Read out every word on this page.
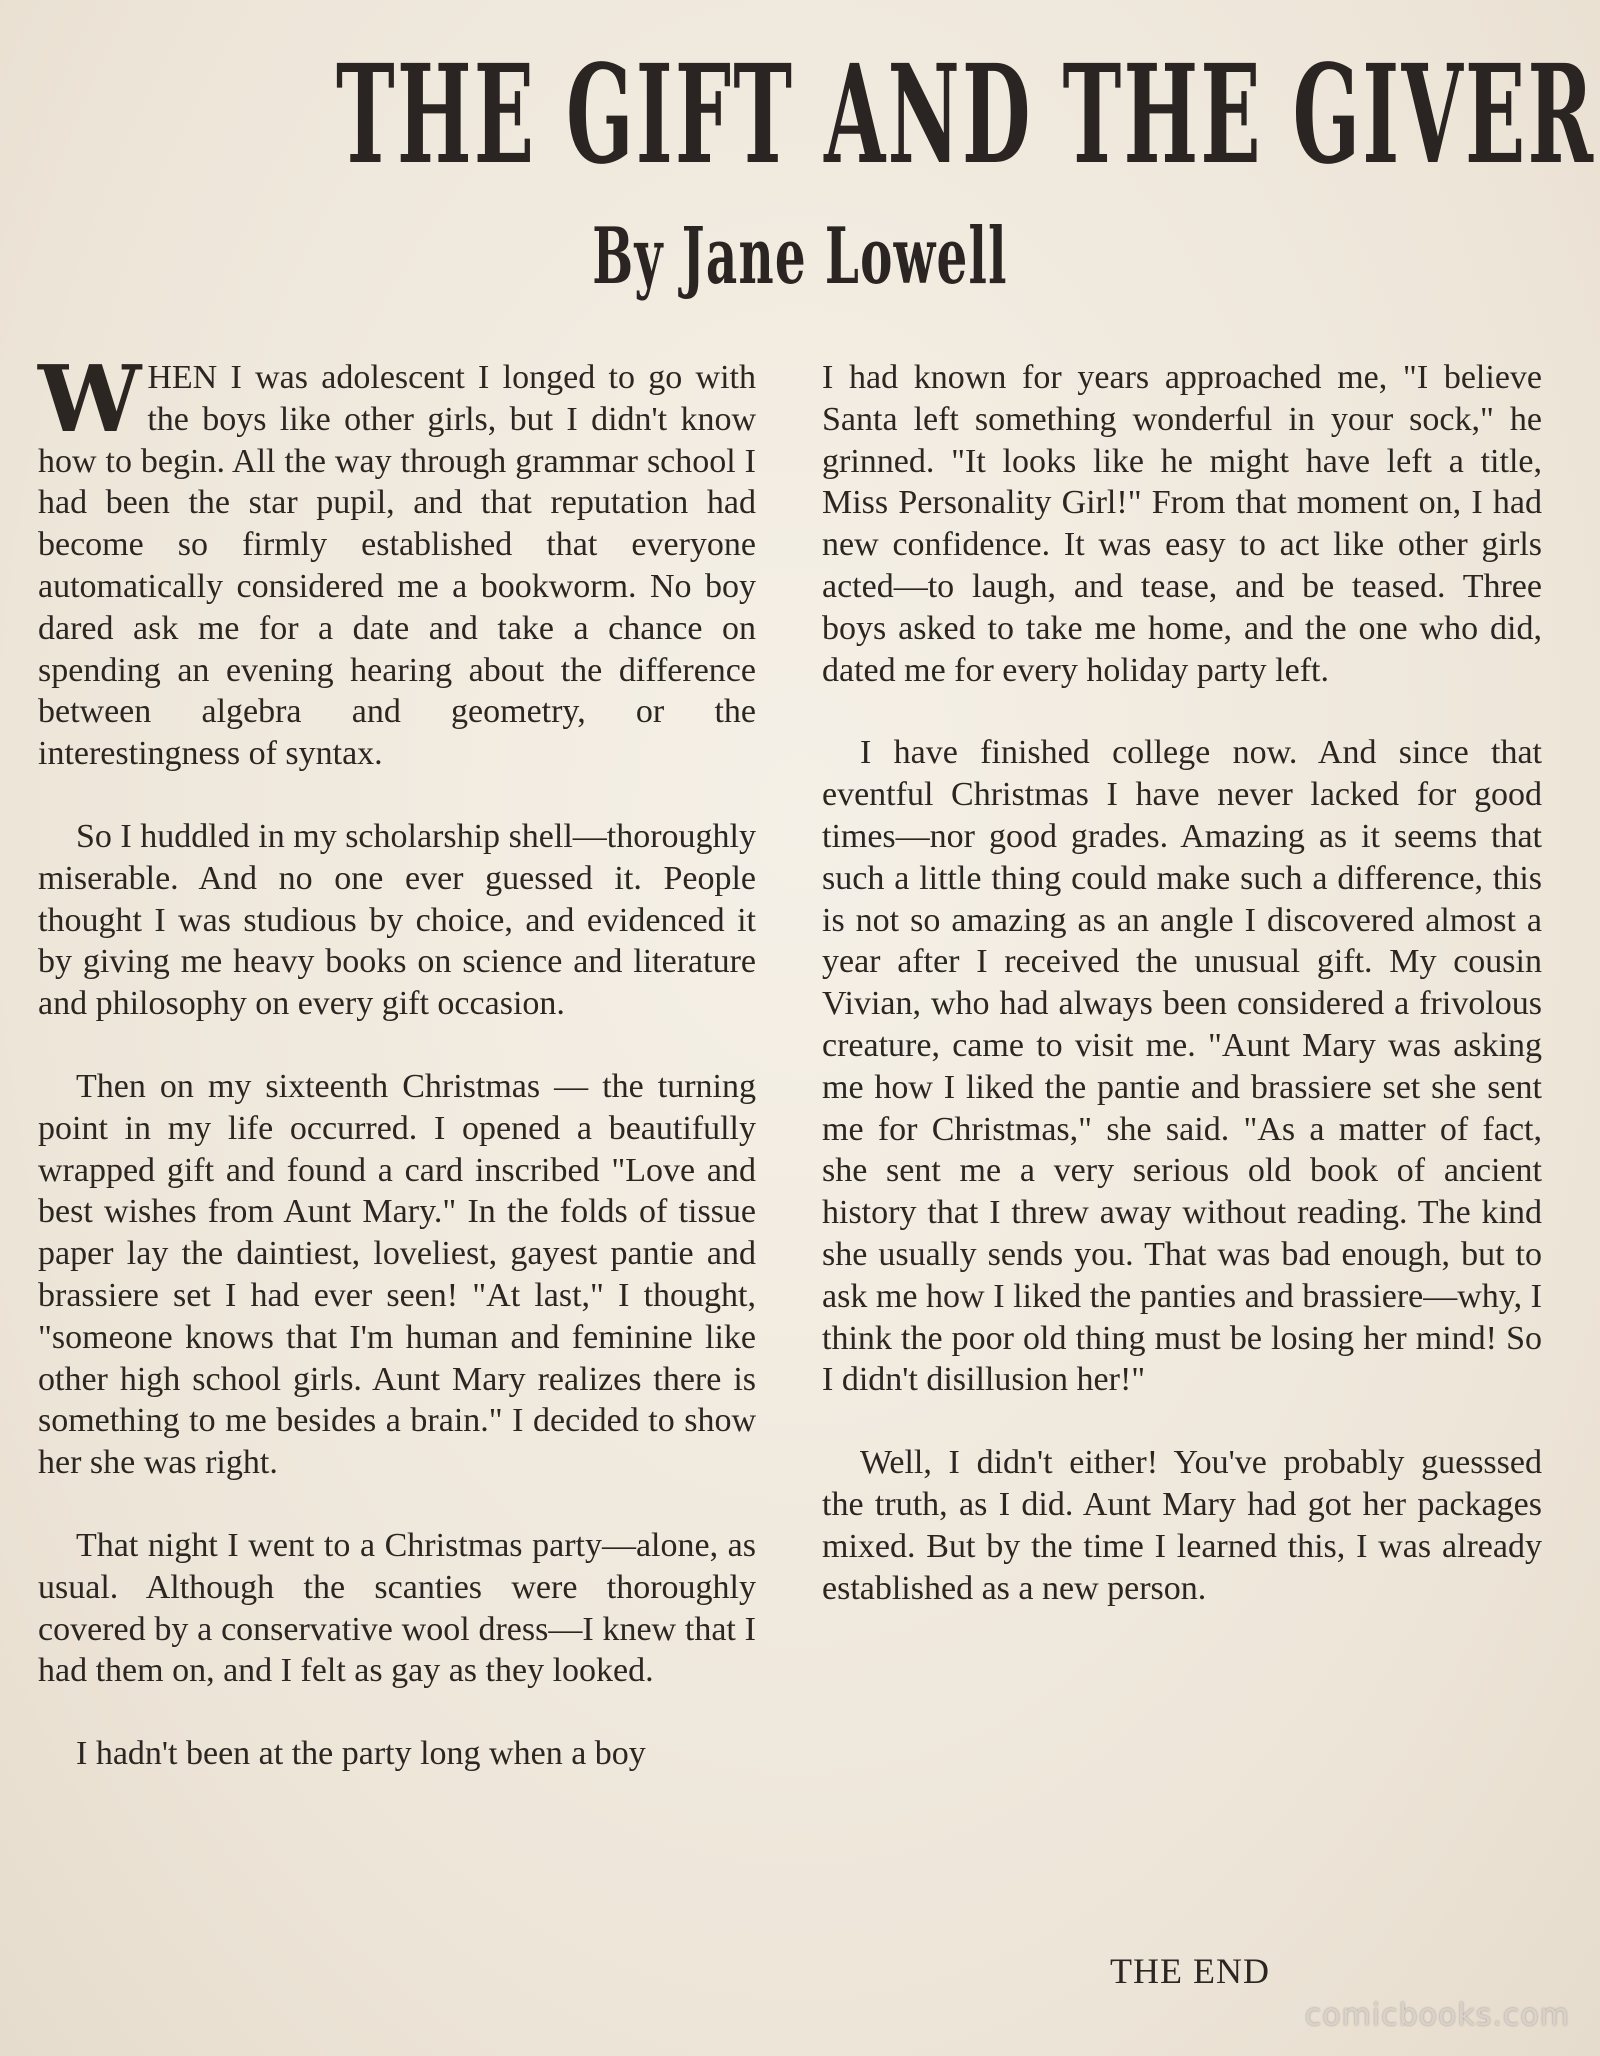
THE GIFT AND THE GIVER
By Jane Lowell

WHEN I was adolescent I longed to go with the boys like other girls, but I didn't know how to begin. All the way through grammar school I had been the star pupil, and that reputation had become so firmly established that everyone automatically considered me a bookworm. No boy dared ask me for a date and take a chance on spending an evening hearing about the difference between algebra and geometry, or the interestingness of syntax.

So I huddled in my scholarship shell—thoroughly miserable. And no one ever guessed it. People thought I was studious by choice, and evidenced it by giving me heavy books on science and literature and philosophy on every gift occasion.

Then on my sixteenth Christmas — the turning point in my life occurred. I opened a beautifully wrapped gift and found a card inscribed "Love and best wishes from Aunt Mary." In the folds of tissue paper lay the daintiest, loveliest, gayest pantie and brassiere set I had ever seen! "At last," I thought, "someone knows that I'm human and feminine like other high school girls. Aunt Mary realizes there is something to me besides a brain." I decided to show her she was right.

That night I went to a Christmas party—alone, as usual. Although the scanties were thoroughly covered by a conservative wool dress—I knew that I had them on, and I felt as gay as they looked.

I hadn't been at the party long when a boy

I had known for years approached me, "I believe Santa left something wonderful in your sock," he grinned. "It looks like he might have left a title, Miss Personality Girl!" From that moment on, I had new confidence. It was easy to act like other girls acted—to laugh, and tease, and be teased. Three boys asked to take me home, and the one who did, dated me for every holiday party left.

I have finished college now. And since that eventful Christmas I have never lacked for good times—nor good grades. Amazing as it seems that such a little thing could make such a difference, this is not so amazing as an angle I discovered almost a year after I received the unusual gift. My cousin Vivian, who had always been considered a frivolous creature, came to visit me. "Aunt Mary was asking me how I liked the pantie and brassiere set she sent me for Christmas," she said. "As a matter of fact, she sent me a very serious old book of ancient history that I threw away without reading. The kind she usually sends you. That was bad enough, but to ask me how I liked the panties and brassiere—why, I think the poor old thing must be losing her mind! So I didn't disillusion her!"

Well, I didn't either! You've probably guesssed the truth, as I did. Aunt Mary had got her packages mixed. But by the time I learned this, I was already established as a new person.

THE END
comicbooks.com
